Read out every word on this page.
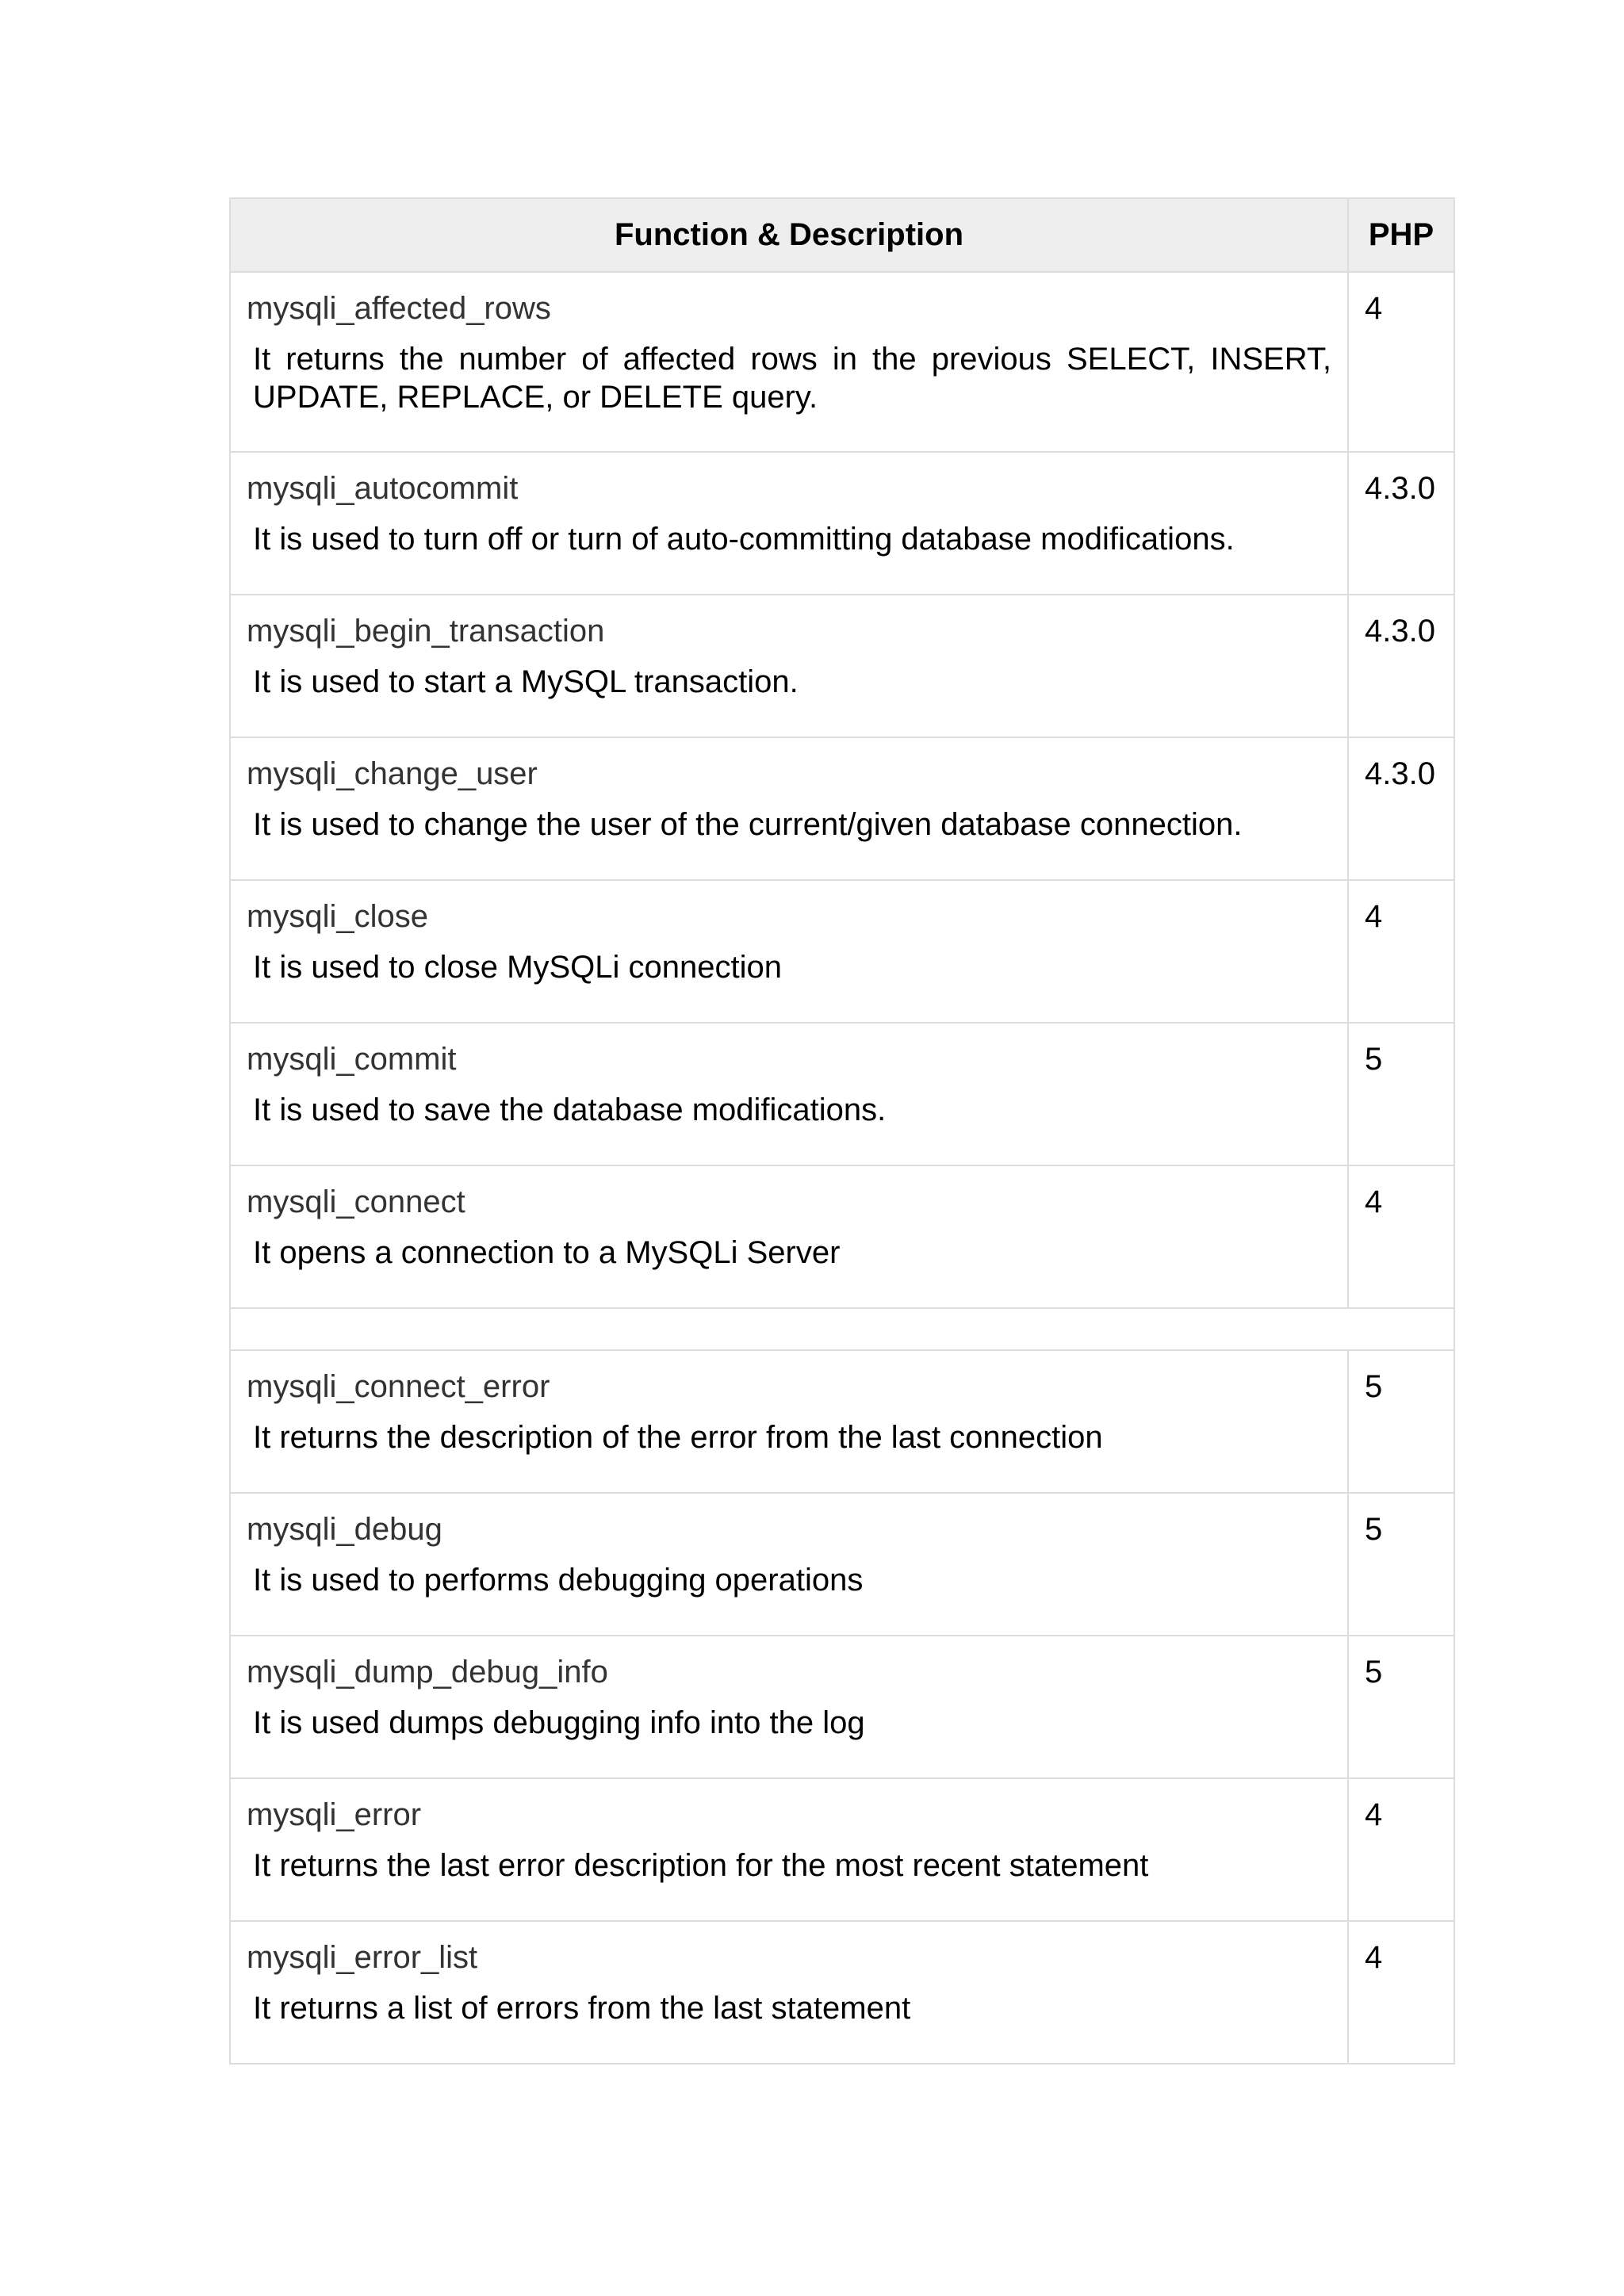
Function & Description	PHP

mysqli_affected_rows
It returns the number of affected rows in the previous SELECT, INSERT, UPDATE, REPLACE, or DELETE query.	4

mysqli_autocommit
It is used to turn off or turn of auto-committing database modifications.	4.3.0

mysqli_begin_transaction
It is used to start a MySQL transaction.	4.3.0

mysqli_change_user
It is used to change the user of the current/given database connection.	4.3.0

mysqli_close
It is used to close MySQLi connection	4

mysqli_commit
It is used to save the database modifications.	5

mysqli_connect
It opens a connection to a MySQLi Server	4

mysqli_connect_error
It returns the description of the error from the last connection	5

mysqli_debug
It is used to performs debugging operations	5

mysqli_dump_debug_info
It is used dumps debugging info into the log	5

mysqli_error
It returns the last error description for the most recent statement	4

mysqli_error_list
It returns a list of errors from the last statement	4
